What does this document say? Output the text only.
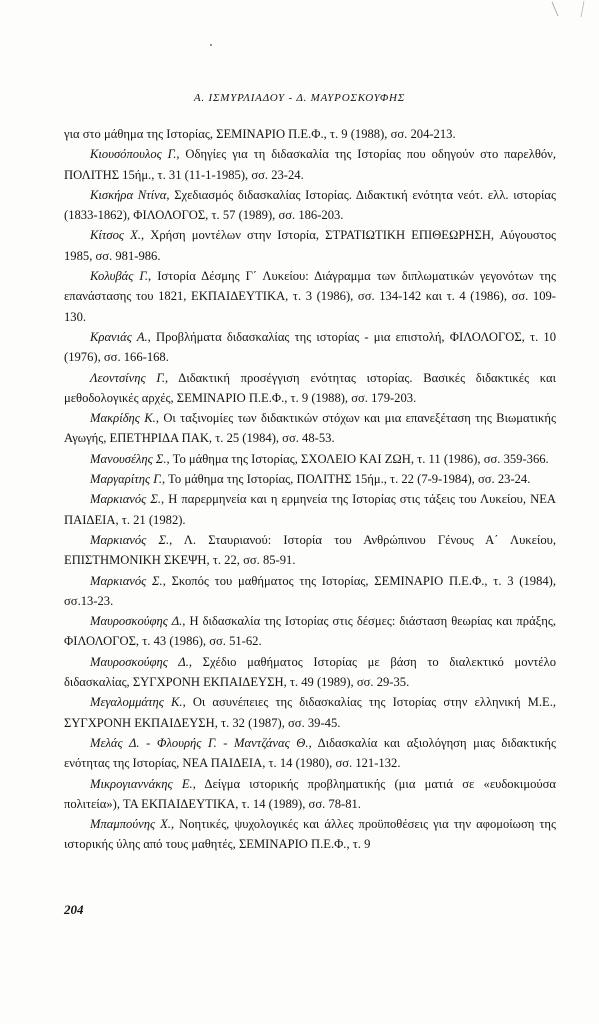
Α. ΙΣΜΥΡΛΙΑΔΟΥ - Δ. ΜΑΥΡΟΣΚΟΥΦΗΣ

για στο μάθημα της Ιστορίας, ΣΕΜΙΝΑΡΙΟ Π.Ε.Φ., τ. 9 (1988), σσ. 204-213.

Κιουσόπουλος Γ., Οδηγίες για τη διδασκαλία της Ιστορίας που οδηγούν στο παρελθόν, ΠΟΛΙΤΗΣ 15ήμ., τ. 31 (11-1-1985), σσ. 23-24.

Κισκήρα Ντίνα, Σχεδιασμός διδασκαλίας Ιστορίας. Διδακτική ενότητα νεότ. ελλ. ιστορίας (1833-1862), ΦΙΛΟΛΟΓΟΣ, τ. 57 (1989), σσ. 186-203.

Κίτσος Χ., Χρήση μοντέλων στην Ιστορία, ΣΤΡΑΤΙΩΤΙΚΗ ΕΠΙΘΕΩΡΗΣΗ, Αύγουστος 1985, σσ. 981-986.

Κολυβάς Γ., Ιστορία Δέσμης Γ΄ Λυκείου: Διάγραμμα των διπλωματικών γεγονότων της επανάστασης του 1821, ΕΚΠΑΙΔΕΥΤΙΚΑ, τ. 3 (1986), σσ. 134-142 και τ. 4 (1986), σσ. 109-130.

Κρανιάς Α., Προβλήματα διδασκαλίας της ιστορίας - μια επιστολή, ΦΙΛΟΛΟΓΟΣ, τ. 10 (1976), σσ. 166-168.

Λεοντσίνης Γ., Διδακτική προσέγγιση ενότητας ιστορίας. Βασικές διδακτικές και μεθοδολογικές αρχές, ΣΕΜΙΝΑΡΙΟ Π.Ε.Φ., τ. 9 (1988), σσ. 179-203.

Μακρίδης Κ., Οι ταξινομίες των διδακτικών στόχων και μια επανεξέταση της Βιωματικής Αγωγής, ΕΠΕΤΗΡΙΔΑ ΠΑΚ, τ. 25 (1984), σσ. 48-53.

Μανουσέλης Σ., Το μάθημα της Ιστορίας, ΣΧΟΛΕΙΟ ΚΑΙ ΖΩΗ, τ. 11 (1986), σσ. 359-366.

Μαργαρίτης Γ., Το μάθημα της Ιστορίας, ΠΟΛΙΤΗΣ 15ήμ., τ. 22 (7-9-1984), σσ. 23-24.

Μαρκιανός Σ., Η παρερμηνεία και η ερμηνεία της Ιστορίας στις τάξεις του Λυκείου, ΝΕΑ ΠΑΙΔΕΙΑ, τ. 21 (1982).

Μαρκιανός Σ., Λ. Σταυριανού: Ιστορία του Ανθρώπινου Γένους Α΄ Λυκείου, ΕΠΙΣΤΗΜΟΝΙΚΗ ΣΚΕΨΗ, τ. 22, σσ. 85-91.

Μαρκιανός Σ., Σκοπός του μαθήματος της Ιστορίας, ΣΕΜΙΝΑΡΙΟ Π.Ε.Φ., τ. 3 (1984), σσ.13-23.

Μαυροσκούφης Δ., Η διδασκαλία της Ιστορίας στις δέσμες: διάσταση θεωρίας και πράξης, ΦΙΛΟΛΟΓΟΣ, τ. 43 (1986), σσ. 51-62.

Μαυροσκούφης Δ., Σχέδιο μαθήματος Ιστορίας με βάση το διαλεκτικό μοντέλο διδασκαλίας, ΣΥΓΧΡΟΝΗ ΕΚΠΑΙΔΕΥΣΗ, τ. 49 (1989), σσ. 29-35.

Μεγαλομμάτης Κ., Οι ασυνέπειες της διδασκαλίας της Ιστορίας στην ελληνική Μ.Ε., ΣΥΓΧΡΟΝΗ ΕΚΠΑΙΔΕΥΣΗ, τ. 32 (1987), σσ. 39-45.

Μελάς Δ. - Φλουρής Γ. - Μαντζάνας Θ., Διδασκαλία και αξιολόγηση μιας διδακτικής ενότητας της Ιστορίας, ΝΕΑ ΠΑΙΔΕΙΑ, τ. 14 (1980), σσ. 121-132.

Μικρογιαννάκης Ε., Δείγμα ιστορικής προβληματικής (μια ματιά σε «ευδοκιμούσα πολιτεία»), ΤΑ ΕΚΠΑΙΔΕΥΤΙΚΑ, τ. 14 (1989), σσ. 78-81.

Μπαμπούνης Χ., Νοητικές, ψυχολογικές και άλλες προϋποθέσεις για την αφομοίωση της ιστορικής ύλης από τους μαθητές, ΣΕΜΙΝΑΡΙΟ Π.Ε.Φ., τ. 9

204
